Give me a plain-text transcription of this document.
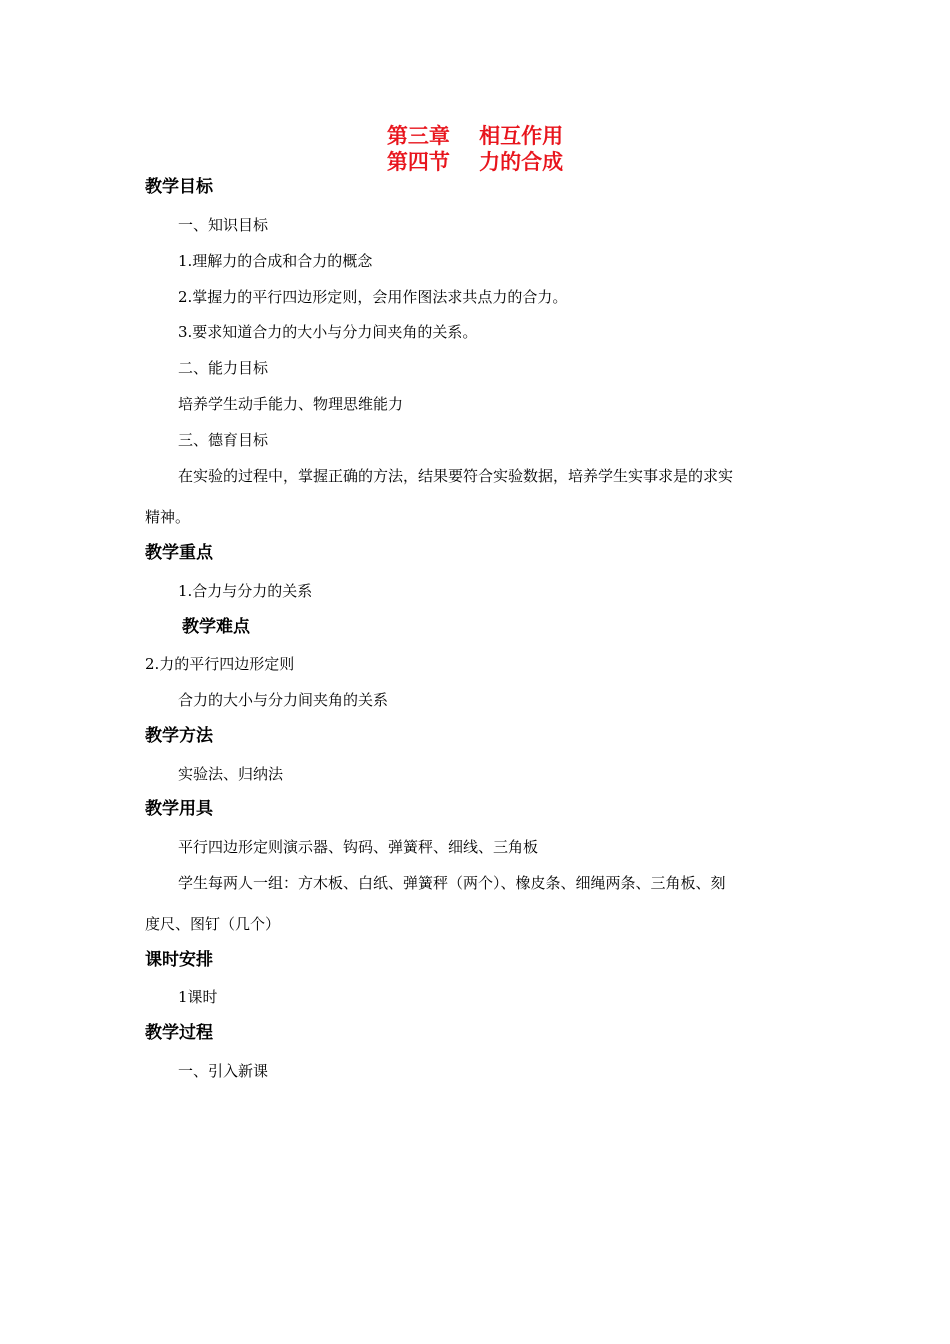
第三章    相互作用
第四节    力的合成
教学目标
一、知识目标
1.理解力的合成和合力的概念
2.掌握力的平行四边形定则，会用作图法求共点力的合力。
3.要求知道合力的大小与分力间夹角的关系。
二、能力目标
培养学生动手能力、物理思维能力
三、德育目标
在实验的过程中，掌握正确的方法，结果要符合实验数据，培养学生实事求是的求实
精神。
教学重点
1.合力与分力的关系
教学难点
2.力的平行四边形定则
合力的大小与分力间夹角的关系
教学方法
实验法、归纳法
教学用具
平行四边形定则演示器、钩码、弹簧秤、细线、三角板
学生每两人一组：方木板、白纸、弹簧秤（两个）、橡皮条、细绳两条、三角板、刻
度尺、图钉（几个）
课时安排
1课时
教学过程
一、引入新课
